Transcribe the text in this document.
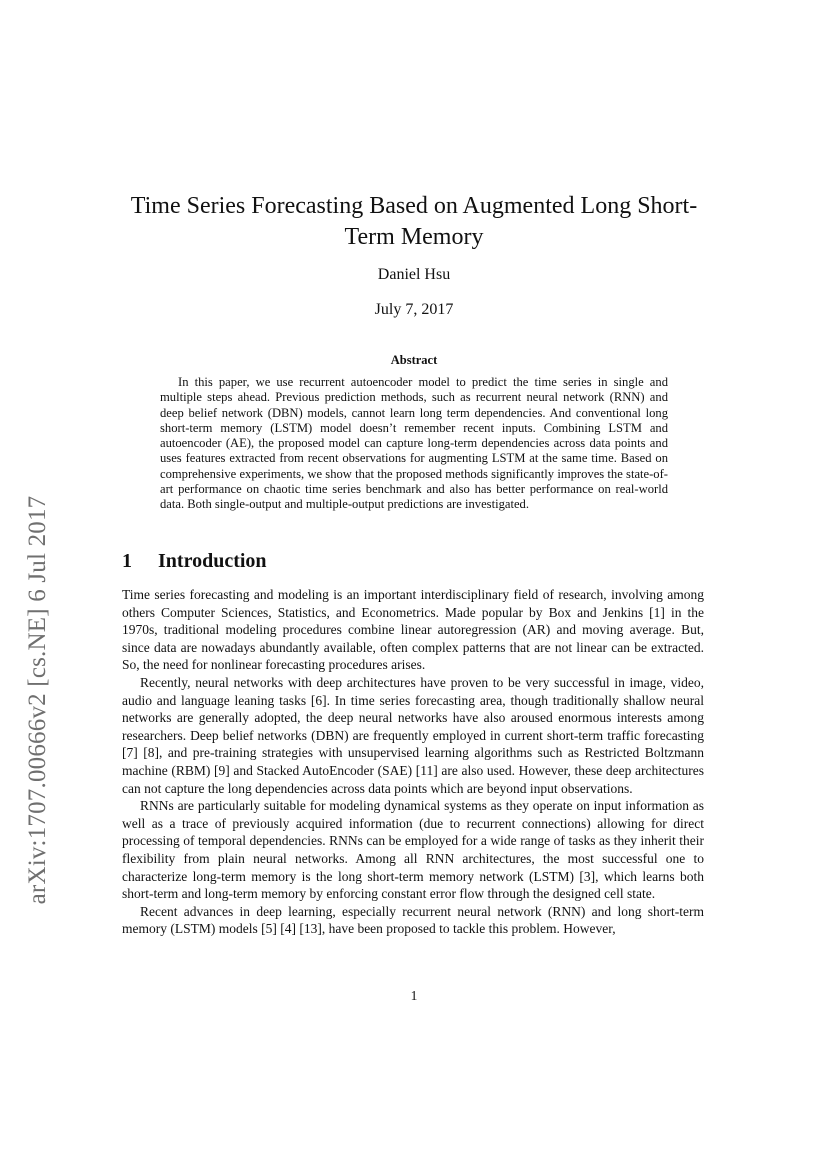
arXiv:1707.00666v2 [cs.NE] 6 Jul 2017
Time Series Forecasting Based on Augmented Long Short-Term Memory
Daniel Hsu
July 7, 2017
Abstract
In this paper, we use recurrent autoencoder model to predict the time series in single and multiple steps ahead. Previous prediction methods, such as recurrent neural network (RNN) and deep belief network (DBN) models, cannot learn long term dependencies. And conventional long short-term memory (LSTM) model doesn’t remember recent inputs. Combining LSTM and autoencoder (AE), the proposed model can capture long-term dependencies across data points and uses features extracted from recent observations for augmenting LSTM at the same time. Based on comprehensive experiments, we show that the proposed methods significantly improves the state-of-art performance on chaotic time series benchmark and also has better performance on real-world data. Both single-output and multiple-output predictions are investigated.
1 Introduction

Time series forecasting and modeling is an important interdisciplinary field of research, involving among others Computer Sciences, Statistics, and Econometrics. Made popular by Box and Jenkins [1] in the 1970s, traditional modeling procedures combine linear autoregression (AR) and moving average. But, since data are nowadays abundantly available, often complex patterns that are not linear can be extracted. So, the need for nonlinear forecasting procedures arises.

Recently, neural networks with deep architectures have proven to be very successful in image, video, audio and language leaning tasks [6]. In time series forecasting area, though traditionally shallow neural networks are generally adopted, the deep neural networks have also aroused enormous interests among researchers. Deep belief networks (DBN) are frequently employed in current short-term traffic forecasting [7] [8], and pre-training strategies with unsupervised learning algorithms such as Restricted Boltzmann machine (RBM) [9] and Stacked AutoEncoder (SAE) [11] are also used. However, these deep architectures can not capture the long dependencies across data points which are beyond input observations.

RNNs are particularly suitable for modeling dynamical systems as they operate on input information as well as a trace of previously acquired information (due to recurrent connections) allowing for direct processing of temporal dependencies. RNNs can be employed for a wide range of tasks as they inherit their flexibility from plain neural networks. Among all RNN architectures, the most successful one to characterize long-term memory is the long short-term memory network (LSTM) [3], which learns both short-term and long-term memory by enforcing constant error flow through the designed cell state.

Recent advances in deep learning, especially recurrent neural network (RNN) and long short-term memory (LSTM) models [5] [4] [13], have been proposed to tackle this problem. However,

1
